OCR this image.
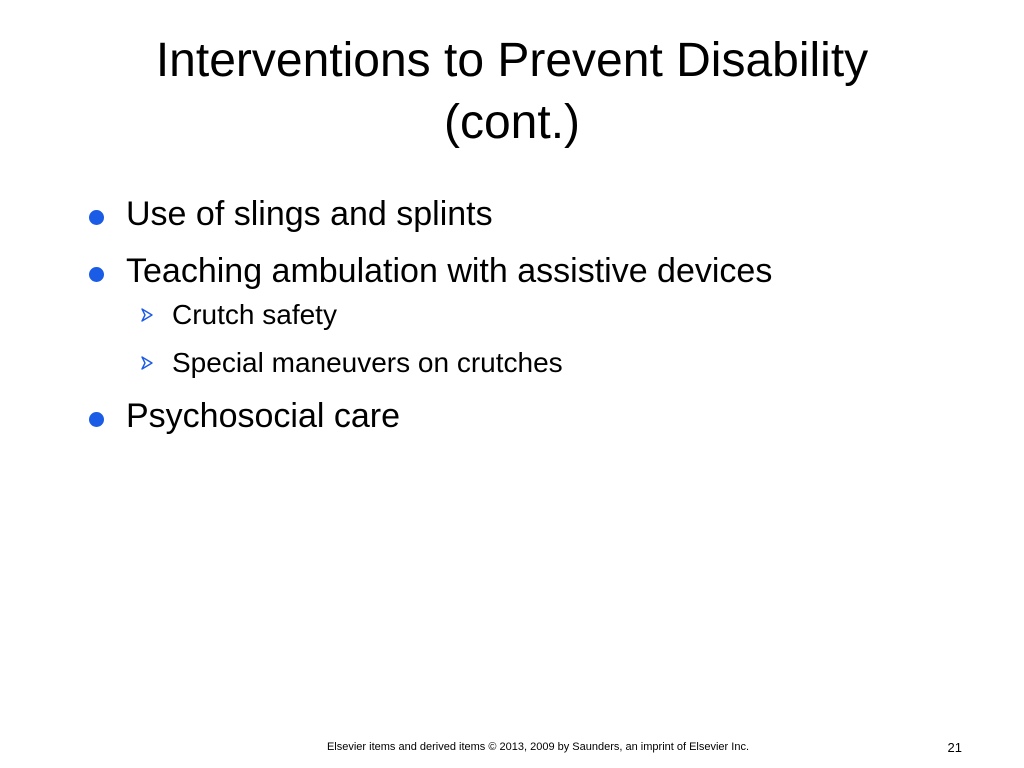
Interventions to Prevent Disability
(cont.)
Use of slings and splints
Teaching ambulation with assistive devices
Crutch safety
Special maneuvers on crutches
Psychosocial care
Elsevier items and derived items © 2013, 2009 by Saunders, an imprint of Elsevier Inc.	21
